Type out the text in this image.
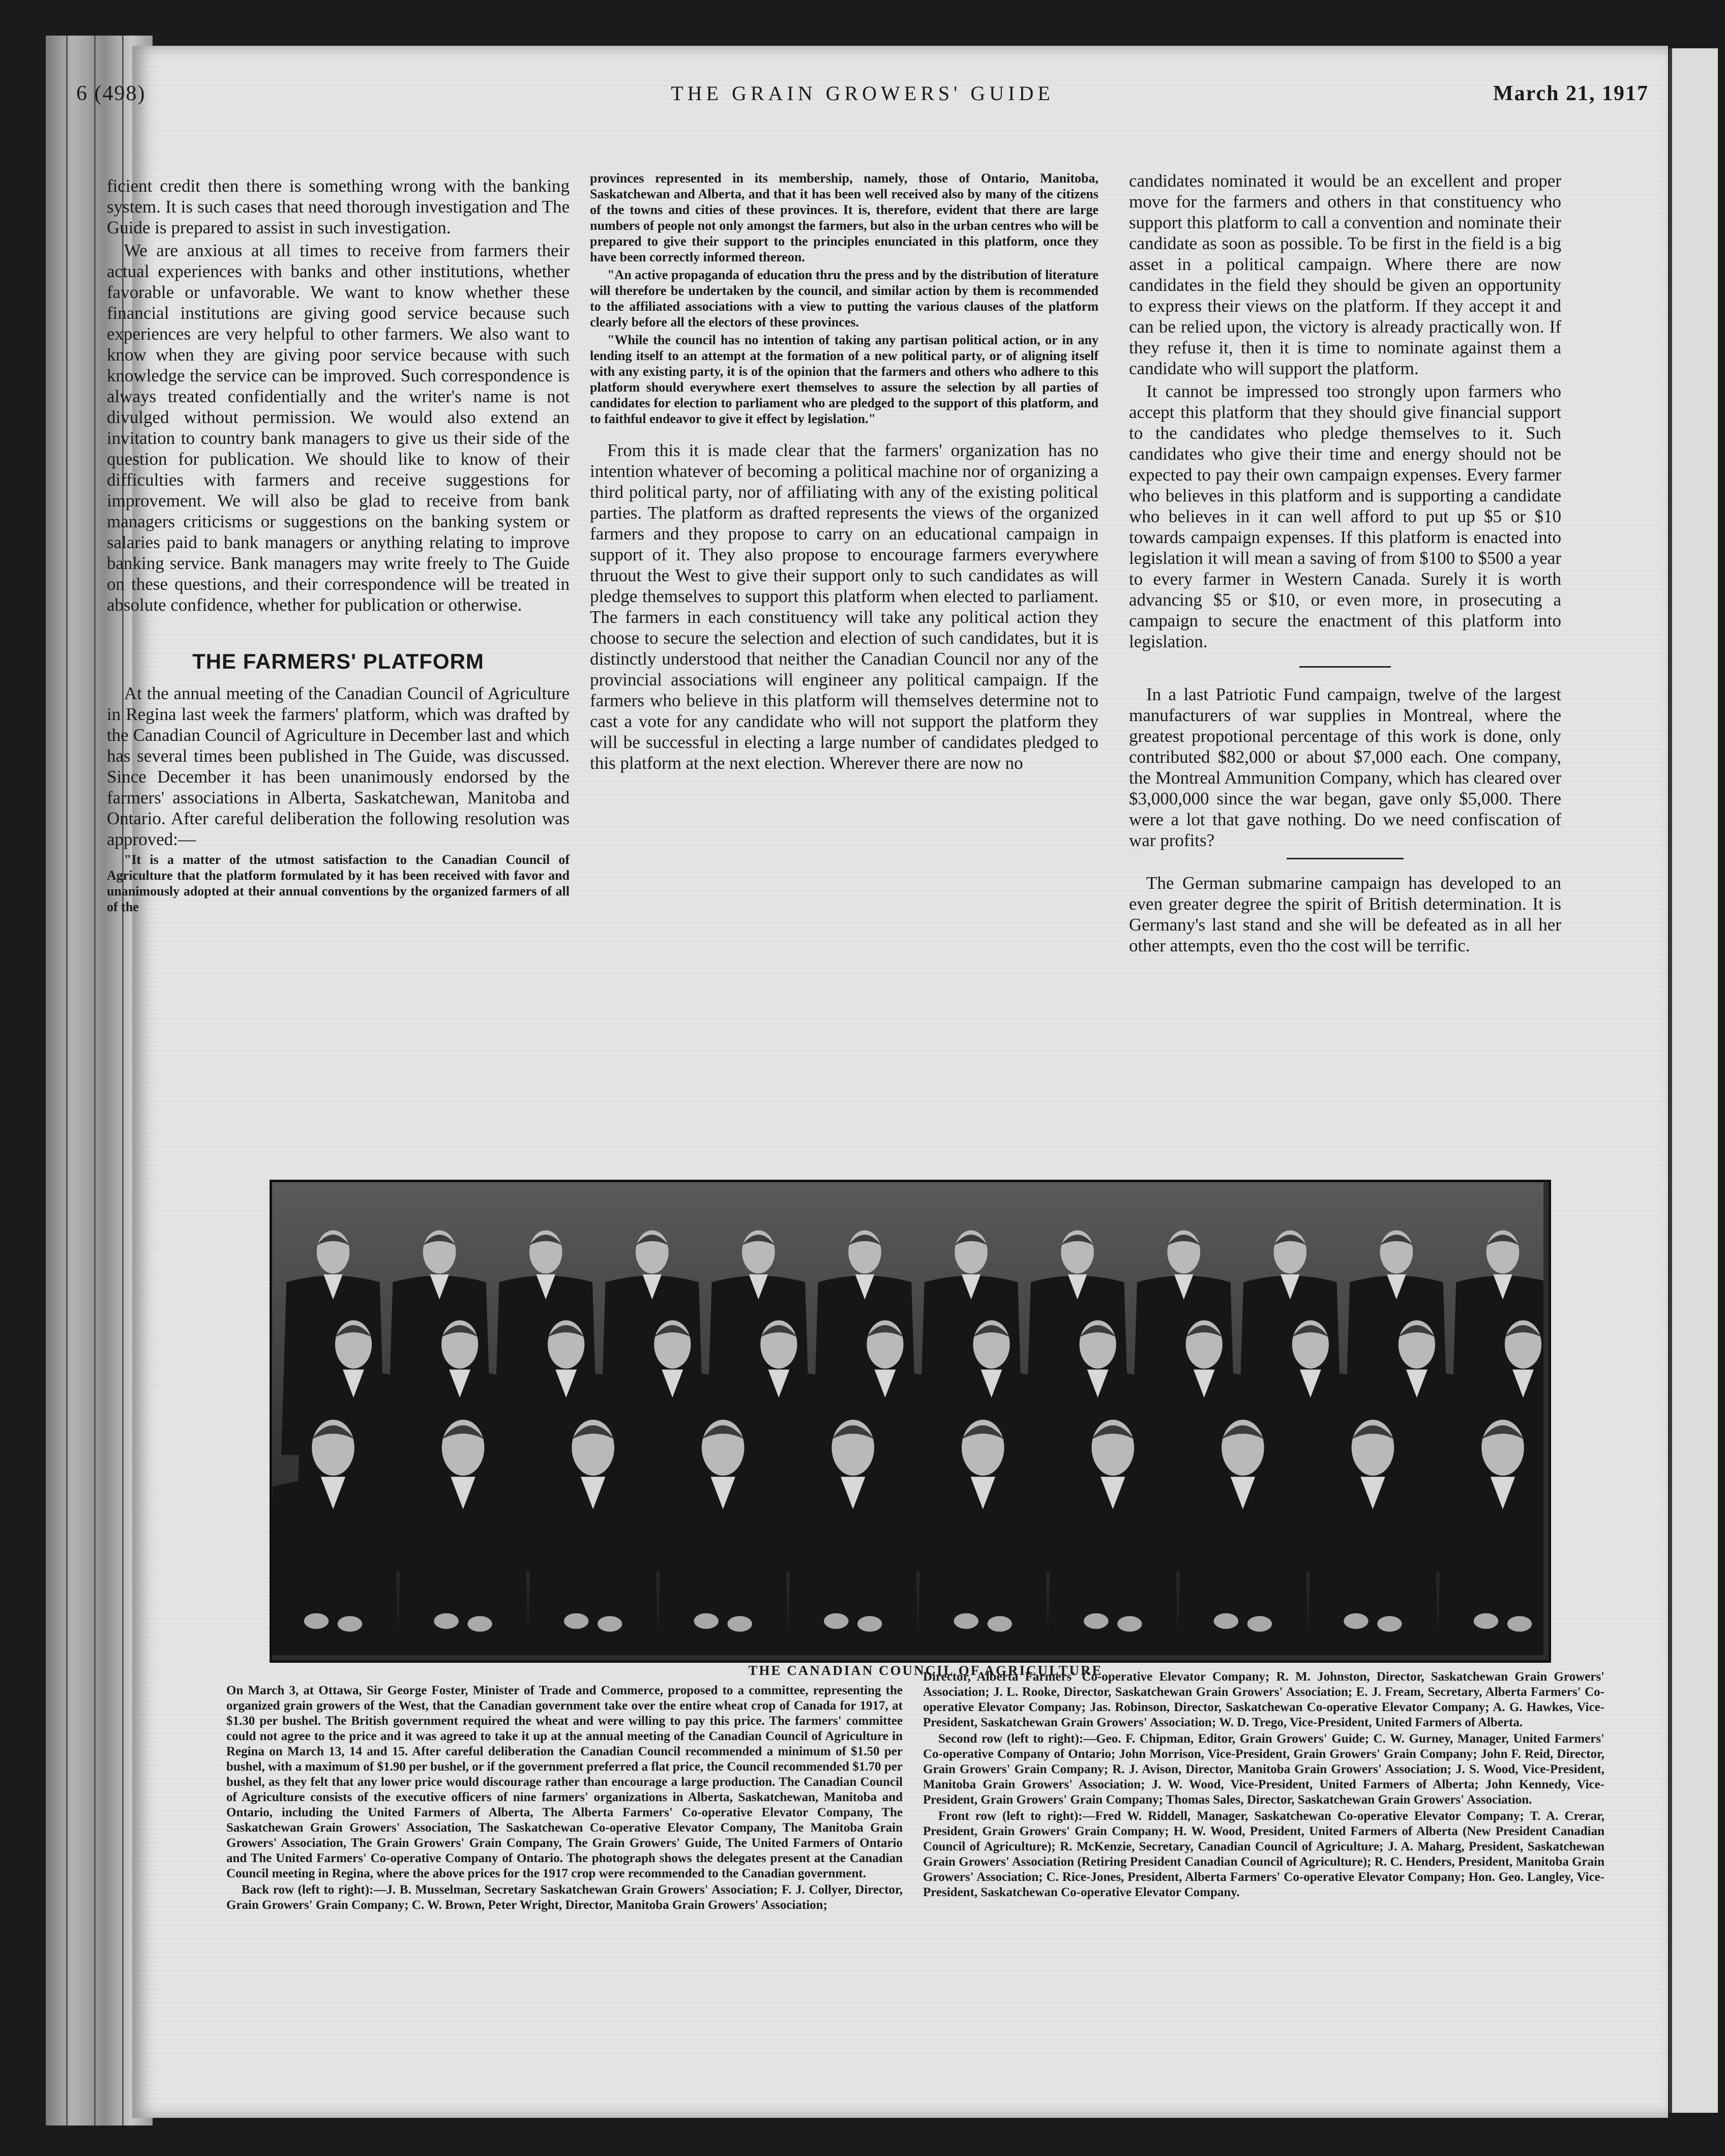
6 (498)	THE GRAIN GROWERS' GUIDE	March 21, 1917

ficient credit then there is something wrong with the banking system. It is such cases that need thorough investigation and The Guide is prepared to assist in such investigation.

We are anxious at all times to receive from farmers their actual experiences with banks and other institutions, whether favorable or unfavorable. We want to know whether these financial institutions are giving good service because such experiences are very helpful to other farmers. We also want to know when they are giving poor service because with such knowledge the service can be improved. Such correspondence is always treated confidentially and the writer's name is not divulged without permission. We would also extend an invitation to country bank managers to give us their side of the question for publication. We should like to know of their difficulties with farmers and receive suggestions for improvement. We will also be glad to receive from bank managers criticisms or suggestions on the banking system or salaries paid to bank managers or anything relating to improve banking service. Bank managers may write freely to The Guide on these questions, and their correspondence will be treated in absolute confidence, whether for publication or otherwise.

THE FARMERS' PLATFORM

At the annual meeting of the Canadian Council of Agriculture in Regina last week the farmers' platform, which was drafted by the Canadian Council of Agriculture in December last and which has several times been published in The Guide, was discussed. Since December it has been unanimously endorsed by the farmers' associations in Alberta, Saskatchewan, Manitoba and Ontario. After careful deliberation the following resolution was approved:—

"It is a matter of the utmost satisfaction to the Canadian Council of Agriculture that the platform formulated by it has been received with favor and unanimously adopted at their annual conventions by the organized farmers of all of the

provinces represented in its membership, namely, those of Ontario, Manitoba, Saskatchewan and Alberta, and that it has been well received also by many of the citizens of the towns and cities of these provinces. It is, therefore, evident that there are large numbers of people not only amongst the farmers, but also in the urban centres who will be prepared to give their support to the principles enunciated in this platform, once they have been correctly informed thereon.

"An active propaganda of education thru the press and by the distribution of literature will therefore be undertaken by the council, and similar action by them is recommended to the affiliated associations with a view to putting the various clauses of the platform clearly before all the electors of these provinces.

"While the council has no intention of taking any partisan political action, or in any lending itself to an attempt at the formation of a new political party, or of aligning itself with any existing party, it is of the opinion that the farmers and others who adhere to this platform should everywhere exert themselves to assure the selection by all parties of candidates for election to parliament who are pledged to the support of this platform, and to faithful endeavor to give it effect by legislation."

From this it is made clear that the farmers' organization has no intention whatever of becoming a political machine nor of organizing a third political party, nor of affiliating with any of the existing political parties. The platform as drafted represents the views of the organized farmers and they propose to carry on an educational campaign in support of it. They also propose to encourage farmers everywhere thruout the West to give their support only to such candidates as will pledge themselves to support this platform when elected to parliament. The farmers in each constituency will take any political action they choose to secure the selection and election of such candidates, but it is distinctly understood that neither the Canadian Council nor any of the provincial associations will engineer any political campaign. If the farmers who believe in this platform will themselves determine not to cast a vote for any candidate who will not support the platform they will be successful in electing a large number of candidates pledged to this platform at the next election. Wherever there are now no

candidates nominated it would be an excellent and proper move for the farmers and others in that constituency who support this platform to call a convention and nominate their candidate as soon as possible. To be first in the field is a big asset in a political campaign. Where there are now candidates in the field they should be given an opportunity to express their views on the platform. If they accept it and can be relied upon, the victory is already practically won. If they refuse it, then it is time to nominate against them a candidate who will support the platform.

It cannot be impressed too strongly upon farmers who accept this platform that they should give financial support to the candidates who pledge themselves to it. Such candidates who give their time and energy should not be expected to pay their own campaign expenses. Every farmer who believes in this platform and is supporting a candidate who believes in it can well afford to put up $5 or $10 towards campaign expenses. If this platform is enacted into legislation it will mean a saving of from $100 to $500 a year to every farmer in Western Canada. Surely it is worth advancing $5 or $10, or even more, in prosecuting a campaign to secure the enactment of this platform into legislation.

In a last Patriotic Fund campaign, twelve of the largest manufacturers of war supplies in Montreal, where the greatest propotional percentage of this work is done, only contributed $82,000 or about $7,000 each. One company, the Montreal Ammunition Company, which has cleared over $3,000,000 since the war began, gave only $5,000. There were a lot that gave nothing. Do we need confiscation of war profits?

The German submarine campaign has developed to an even greater degree the spirit of British determination. It is Germany's last stand and she will be defeated as in all her other attempts, even tho the cost will be terrific.

THE CANADIAN COUNCIL OF AGRICULTURE

On March 3, at Ottawa, Sir George Foster, Minister of Trade and Commerce, proposed to a committee, representing the organized grain growers of the West, that the Canadian government take over the entire wheat crop of Canada for 1917, at $1.30 per bushel. The British government required the wheat and were willing to pay this price. The farmers' committee could not agree to the price and it was agreed to take it up at the annual meeting of the Canadian Council of Agriculture in Regina on March 13, 14 and 15. After careful deliberation the Canadian Council recommended a minimum of $1.50 per bushel, with a maximum of $1.90 per bushel, or if the government preferred a flat price, the Council recommended $1.70 per bushel, as they felt that any lower price would discourage rather than encourage a large production. The Canadian Council of Agriculture consists of the executive officers of nine farmers' organizations in Alberta, Saskatchewan, Manitoba and Ontario, including the United Farmers of Alberta, The Alberta Farmers' Co-operative Elevator Company, The Saskatchewan Grain Growers' Association, The Saskatchewan Co-operative Elevator Company, The Manitoba Grain Growers' Association, The Grain Growers' Grain Company, The Grain Growers' Guide, The United Farmers of Ontario and The United Farmers' Co-operative Company of Ontario. The photograph shows the delegates present at the Canadian Council meeting in Regina, where the above prices for the 1917 crop were recommended to the Canadian government.

Back row (left to right):—J. B. Musselman, Secretary Saskatchewan Grain Growers' Association; F. J. Collyer, Director, Grain Growers' Grain Company; C. W. Brown, Peter Wright, Director, Manitoba Grain Growers' Association;

Director, Alberta Farmers' Co-operative Elevator Company; R. M. Johnston, Director, Saskatchewan Grain Growers' Association; J. L. Rooke, Director, Saskatchewan Grain Growers' Association; E. J. Fream, Secretary, Alberta Farmers' Co-operative Elevator Company; Jas. Robinson, Director, Saskatchewan Co-operative Elevator Company; A. G. Hawkes, Vice-President, Saskatchewan Grain Growers' Association; W. D. Trego, Vice-President, United Farmers of Alberta.

Second row (left to right):—Geo. F. Chipman, Editor, Grain Growers' Guide; C. W. Gurney, Manager, United Farmers' Co-operative Company of Ontario; John Morrison, Vice-President, Grain Growers' Grain Company; John F. Reid, Director, Grain Growers' Grain Company; R. J. Avison, Director, Manitoba Grain Growers' Association; J. S. Wood, Vice-President, Manitoba Grain Growers' Association; J. W. Wood, Vice-President, United Farmers of Alberta; John Kennedy, Vice-President, Grain Growers' Grain Company; Thomas Sales, Director, Saskatchewan Grain Growers' Association.

Front row (left to right):—Fred W. Riddell, Manager, Saskatchewan Co-operative Elevator Company; T. A. Crerar, President, Grain Growers' Grain Company; H. W. Wood, President, United Farmers of Alberta (New President Canadian Council of Agriculture); R. McKenzie, Secretary, Canadian Council of Agriculture; J. A. Maharg, President, Saskatchewan Grain Growers' Association (Retiring President Canadian Council of Agriculture); R. C. Henders, President, Manitoba Grain Growers' Association; C. Rice-Jones, President, Alberta Farmers' Co-operative Elevator Company; Hon. Geo. Langley, Vice-President, Saskatchewan Co-operative Elevator Company.
